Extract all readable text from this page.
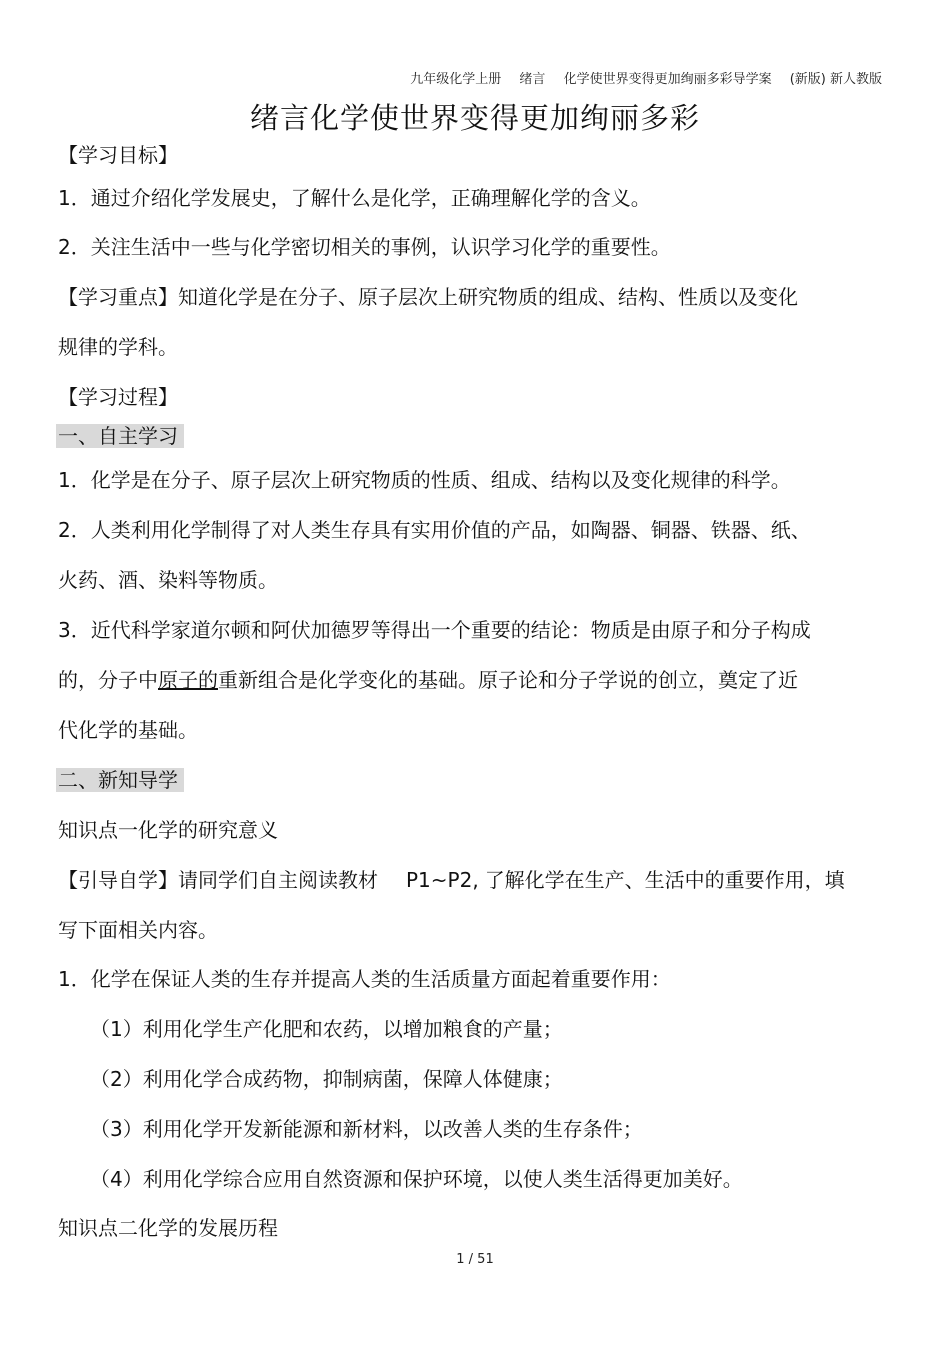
九年级化学上册 绪言 化学使世界变得更加绚丽多彩导学案 (新版) 新人教版
绪言化学使世界变得更加绚丽多彩
【学习目标】
1．通过介绍化学发展史，了解什么是化学，正确理解化学的含义。
2．关注生活中一些与化学密切相关的事例，认识学习化学的重要性。
【学习重点】知道化学是在分子、原子层次上研究物质的组成、结构、性质以及变化
规律的学科。
【学习过程】
一、自主学习
1．化学是在分子、原子层次上研究物质的性质、组成、结构以及变化规律的科学。
2．人类利用化学制得了对人类生存具有实用价值的产品，如陶器、铜器、铁器、纸、
火药、酒、染料等物质。
3．近代科学家道尔顿和阿伏加德罗等得出一个重要的结论：物质是由原子和分子构成
的，分子中原子的重新组合是化学变化的基础。原子论和分子学说的创立，奠定了近
代化学的基础。
二、新知导学
知识点一化学的研究意义
【引导自学】请同学们自主阅读教材 P1~P2, 了解化学在生产、生活中的重要作用，填
写下面相关内容。
1．化学在保证人类的生存并提高人类的生活质量方面起着重要作用：
（1）利用化学生产化肥和农药，以增加粮食的产量；
（2）利用化学合成药物，抑制病菌，保障人体健康；
（3）利用化学开发新能源和新材料，以改善人类的生存条件；
（4）利用化学综合应用自然资源和保护环境，以使人类生活得更加美好。
知识点二化学的发展历程
1 / 51
